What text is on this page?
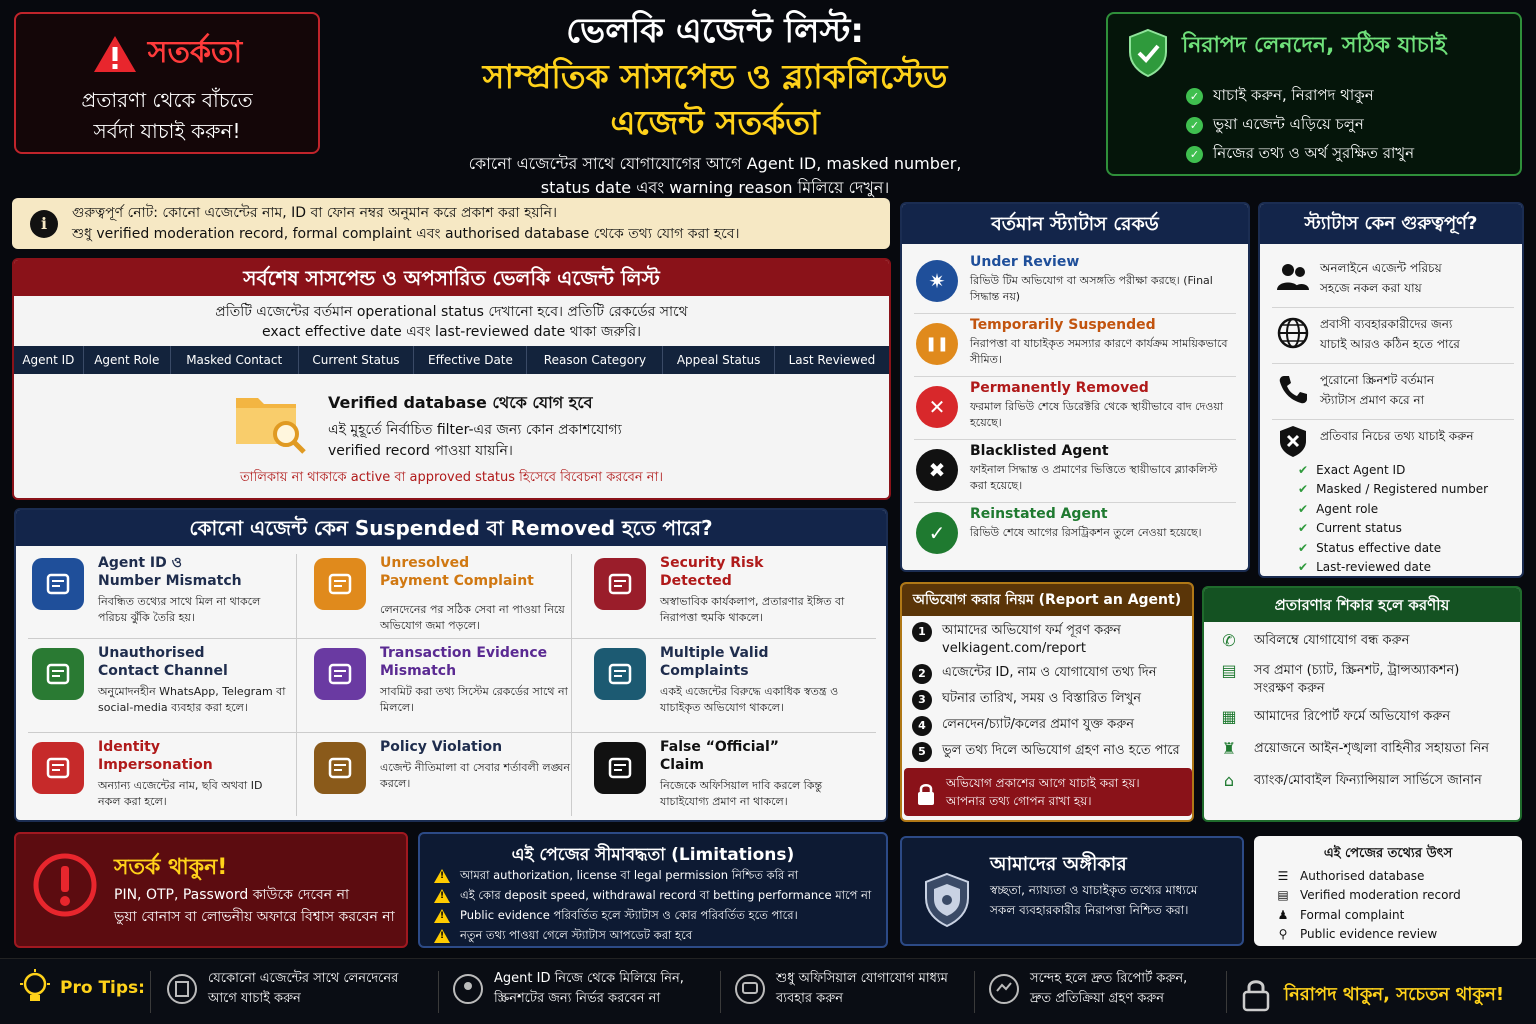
সতর্কতা
প্রতারণা থেকে বাঁচতে
সর্বদা যাচাই করুন!
ভেলকি এজেন্ট লিস্ট:
সাম্প্রতিক সাসপেন্ড ও ব্ল্যাকলিস্টেড
এজেন্ট সতর্কতা
কোনো এজেন্টের সাথে যোগাযোগের আগে Agent ID, masked number,
status date এবং warning reason মিলিয়ে দেখুন।
নিরাপদ লেনদেন, সঠিক যাচাই
✓ যাচাই করুন, নিরাপদ থাকুন
✓ ভুয়া এজেন্ট এড়িয়ে চলুন
✓ নিজের তথ্য ও অর্থ সুরক্ষিত রাখুন
i
গুরুত্বপূর্ণ নোট: কোনো এজেন্টের নাম, ID বা ফোন নম্বর অনুমান করে প্রকাশ করা হয়নি।
শুধু verified moderation record, formal complaint এবং authorised database থেকে তথ্য যোগ করা হবে।
সর্বশেষ সাসপেন্ড ও অপসারিত ভেলকি এজেন্ট লিস্ট
প্রতিটি এজেন্টের বর্তমান operational status দেখানো হবে। প্রতিটি রেকর্ডের সাথে
exact effective date এবং last-reviewed date থাকা জরুরি।
Agent ID	Agent Role	Masked Contact	Current Status	Effective Date	Reason Category	Appeal Status	Last Reviewed
Verified database থেকে যোগ হবে
এই মুহূর্তে নির্বাচিত filter-এর জন্য কোন প্রকাশযোগ্য
verified record পাওয়া যায়নি।
তালিকায় না থাকাকে active বা approved status হিসেবে বিবেচনা করবেন না।
কোনো এজেন্ট কেন Suspended বা Removed হতে পারে?
Agent ID ও
Number Mismatch
নিবন্ধিত তথ্যের সাথে মিল না থাকলে পরিচয় ঝুঁকি তৈরি হয়।
Unresolved
Payment Complaint
লেনদেনের পর সঠিক সেবা না পাওয়া নিয়ে অভিযোগ জমা পড়লে।
Security Risk
Detected
অস্বাভাবিক কার্যকলাপ, প্রতারণার ইঙ্গিত বা নিরাপত্তা হুমকি থাকলে।
Unauthorised
Contact Channel
অনুমোদনহীন WhatsApp, Telegram বা social-media ব্যবহার করা হলে।
Transaction Evidence
Mismatch
সাবমিট করা তথ্য সিস্টেম রেকর্ডের সাথে না মিললে।
Multiple Valid
Complaints
একই এজেন্টের বিরুদ্ধে একাধিক স্বতন্ত্র ও যাচাইকৃত অভিযোগ থাকলে।
Identity
Impersonation
অন্যান্য এজেন্টের নাম, ছবি অথবা ID নকল করা হলে।
Policy Violation
এজেন্ট নীতিমালা বা সেবার শর্তাবলী লঙ্ঘন করলে।
False “Official”
Claim
নিজেকে অফিসিয়াল দাবি করলে কিন্তু যাচাইযোগ্য প্রমাণ না থাকলে।
বর্তমান স্ট্যাটাস রেকর্ড
✷
Under Review
রিভিউ টিম অভিযোগ বা অসঙ্গতি পরীক্ষা করছে। (Final সিদ্ধান্ত নয়)
❚❚
Temporarily Suspended
নিরাপত্তা বা যাচাইকৃত সমস্যার কারণে কার্যক্রম সাময়িকভাবে সীমিত।
✕
Permanently Removed
ফরমাল রিভিউ শেষে ডিরেক্টরি থেকে স্থায়ীভাবে বাদ দেওয়া হয়েছে।
✖
Blacklisted Agent
ফাইনাল সিদ্ধান্ত ও প্রমাণের ভিত্তিতে স্থায়ীভাবে ব্ল্যাকলিস্ট করা হয়েছে।
✓
Reinstated Agent
রিভিউ শেষে আগের রিসট্রিকশন তুলে নেওয়া হয়েছে।
স্ট্যাটাস কেন গুরুত্বপূর্ণ?
অনলাইনে এজেন্ট পরিচয়
সহজে নকল করা যায়
প্রবাসী ব্যবহারকারীদের জন্য
যাচাই আরও কঠিন হতে পারে
পুরোনো স্ক্রিনশট বর্তমান
স্ট্যাটাস প্রমাণ করে না
প্রতিবার নিচের তথ্য যাচাই করুন
✔ Exact Agent ID
✔ Masked / Registered number
✔ Agent role
✔ Current status
✔ Status effective date
✔ Last-reviewed date
অভিযোগ করার নিয়ম (Report an Agent)
1	আমাদের অভিযোগ ফর্ম পূরণ করুন
velkiagent.com/report
2	এজেন্টের ID, নাম ও যোগাযোগ তথ্য দিন
3	ঘটনার তারিখ, সময় ও বিস্তারিত লিখুন
4	লেনদেন/চ্যাট/কলের প্রমাণ যুক্ত করুন
5	ভুল তথ্য দিলে অভিযোগ গ্রহণ নাও হতে পারে
অভিযোগ প্রকাশের আগে যাচাই করা হয়।
আপনার তথ্য গোপন রাখা হয়।
প্রতারণার শিকার হলে করণীয়
✆	অবিলম্বে যোগাযোগ বন্ধ করুন
▤ সব প্রমাণ (চ্যাট, স্ক্রিনশট, ট্রান্সঅ্যাকশন)
সংরক্ষণ করুন
▦ আমাদের রিপোর্ট ফর্মে অভিযোগ করুন
♜ প্রয়োজনে আইন-শৃঙ্খলা বাহিনীর সহায়তা নিন
⌂	ব্যাংক/মোবাইল ফিন্যান্সিয়াল সার্ভিসে জানান
সতর্ক থাকুন!
PIN, OTP, Password কাউকে দেবেন না
ভুয়া বোনাস বা লোভনীয় অফারে বিশ্বাস করবেন না
এই পেজের সীমাবদ্ধতা (Limitations)
! আমরা authorization, license বা legal permission নিশ্চিত করি না
! এই কোর deposit speed, withdrawal record বা betting performance মাপে না
! Public evidence পরিবর্তিত হলে স্ট্যাটাস ও কোর পরিবর্তিত হতে পারে।
! নতুন তথ্য পাওয়া গেলে স্ট্যাটাস আপডেট করা হবে
আমাদের অঙ্গীকার
স্বচ্ছতা, ন্যায্যতা ও যাচাইকৃত তথ্যের মাধ্যমে
সকল ব্যবহারকারীর নিরাপত্তা নিশ্চিত করা।
এই পেজের তথ্যের উৎস
☰ Authorised database
▤ Verified moderation record
♟ Formal complaint
⚲ Public evidence review
Pro Tips:	যেকোনো এজেন্টের সাথে লেনদেনের
আগে যাচাই করুন
Agent ID নিজে থেকে মিলিয়ে নিন,
স্ক্রিনশটের জন্য নির্ভর করবেন না
শুধু অফিসিয়াল যোগাযোগ মাধ্যম
ব্যবহার করুন
সন্দেহ হলে দ্রুত রিপোর্ট করুন,
দ্রুত প্রতিক্রিয়া গ্রহণ করুন	নিরাপদ থাকুন, সচেতন থাকুন!
